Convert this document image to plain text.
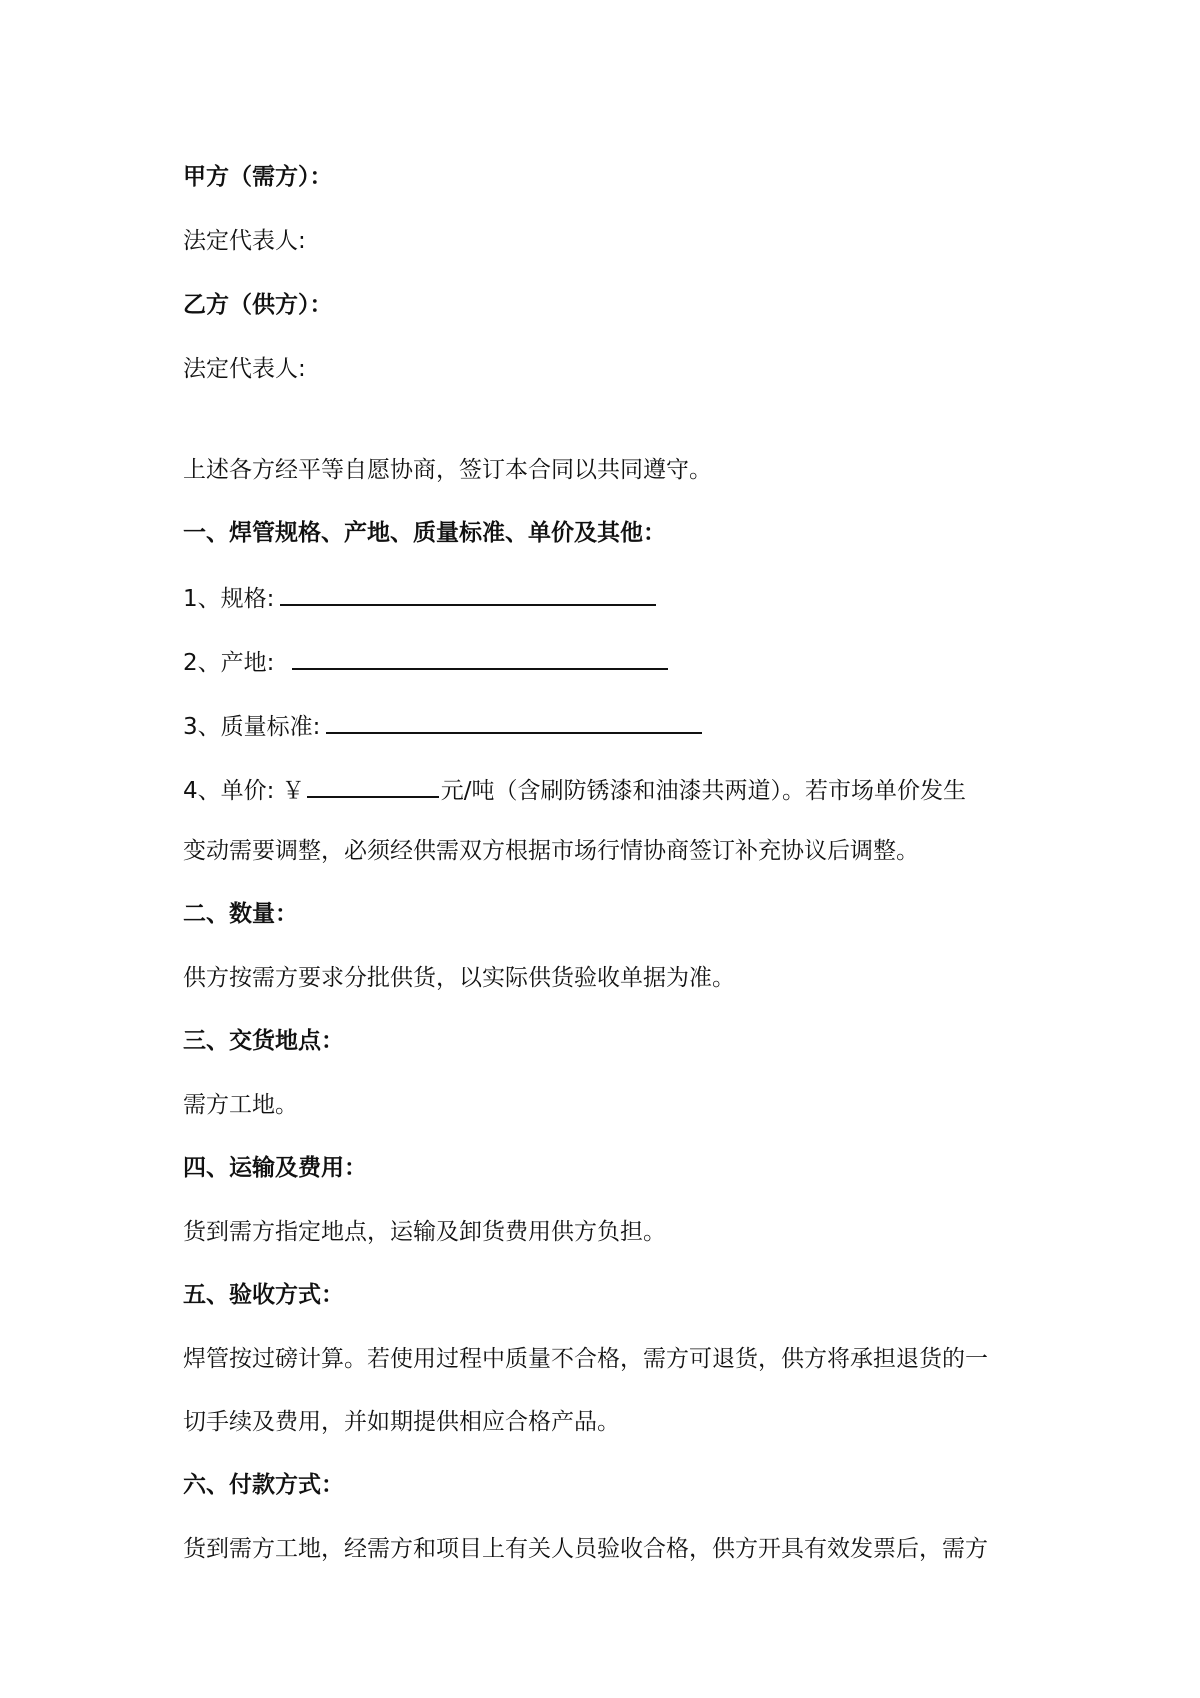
甲方（需方）：
法定代表人:
乙方（供方）：
法定代表人:
上述各方经平等自愿协商，签订本合同以共同遵守。
一、焊管规格、产地、质量标准、单价及其他：
1、规格:
2、产地:
3、质量标准:
4、单价: ￥	元/吨（含刷防锈漆和油漆共两道）。若市场单价发生
变动需要调整，必须经供需双方根据市场行情协商签订补充协议后调整。
二、数量：
供方按需方要求分批供货，以实际供货验收单据为准。
三、交货地点：
需方工地。
四、运输及费用：
货到需方指定地点，运输及卸货费用供方负担。
五、验收方式：
焊管按过磅计算。若使用过程中质量不合格，需方可退货，供方将承担退货的一
切手续及费用，并如期提供相应合格产品。
六、付款方式：
货到需方工地，经需方和项目上有关人员验收合格，供方开具有效发票后，需方
